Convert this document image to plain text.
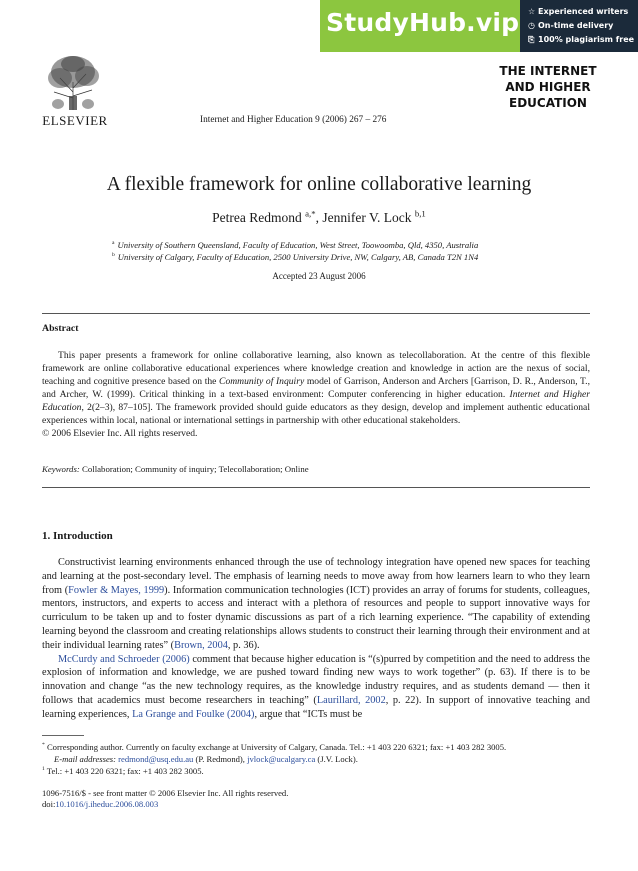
StudyHub.vip ☆ Experienced writers
◷ On-time delivery
⎘ 100% plagiarism free
ELSEVIER	Internet and Higher Education 9 (2006) 267 – 276
THE INTERNET
AND HIGHER
EDUCATION
A flexible framework for online collaborative learning
Petrea Redmond $^{a,*}$, Jennifer V. Lock $^{b,1}$
$^a$ University of Southern Queensland, Faculty of Education, West Street, Toowoomba, Qld, 4350, Australia
$^b$ University of Calgary, Faculty of Education, 2500 University Drive, NW, Calgary, AB, Canada T2N 1N4
Accepted 23 August 2006
Abstract

This paper presents a framework for online collaborative learning, also known as telecollaboration. At the centre of this flexible framework are online collaborative educational experiences where knowledge creation and knowledge in action are the nexus of social, teaching and cognitive presence based on the Community of Inquiry model of Garrison, Anderson and Archers [Garrison, D. R., Anderson, T., and Archer, W. (1999). Critical thinking in a text-based environment: Computer conferencing in higher education. Internet and Higher Education, 2(2–3), 87–105]. The framework provided should guide educators as they design, develop and implement authentic educational experiences within local, national or international settings in partnership with other educational stakeholders.

© 2006 Elsevier Inc. All rights reserved.

Keywords: Collaboration; Community of inquiry; Telecollaboration; Online
1. Introduction

Constructivist learning environments enhanced through the use of technology integration have opened new spaces for teaching and learning at the post-secondary level. The emphasis of learning needs to move away from how learners learn to who they learn from (Fowler & Mayes, 1999). Information communication technologies (ICT) provides an array of forums for students, colleagues, mentors, instructors, and experts to access and interact with a plethora of resources and people to support innovative ways for curriculum to be taken up and to foster dynamic discussions as part of a rich learning experience. “The capability of extending learning beyond the classroom and creating relationships allows students to construct their learning through their environment and at their individual learning rates” (Brown, 2004, p. 36).

McCurdy and Schroeder (2006) comment that because higher education is “(s)purred by competition and the need to address the explosion of information and knowledge, we are pushed toward finding new ways to work together” (p. 63). If there is to be innovation and change “as the new technology requires, as the knowledge industry requires, and as students demand — then it follows that academics must become researchers in teaching” (Laurillard, 2002, p. 22). In support of innovative teaching and learning experiences, La Grange and Foulke (2004), argue that “ICTs must be

* Corresponding author. Currently on faculty exchange at University of Calgary, Canada. Tel.: +1 403 220 6321; fax: +1 403 282 3005.
E-mail addresses: redmond@usq.edu.au (P. Redmond), jvlock@ucalgary.ca (J.V. Lock).
$^1$ Tel.: +1 403 220 6321; fax: +1 403 282 3005.
1096-7516/$ - see front matter © 2006 Elsevier Inc. All rights reserved.
doi:10.1016/j.iheduc.2006.08.003
